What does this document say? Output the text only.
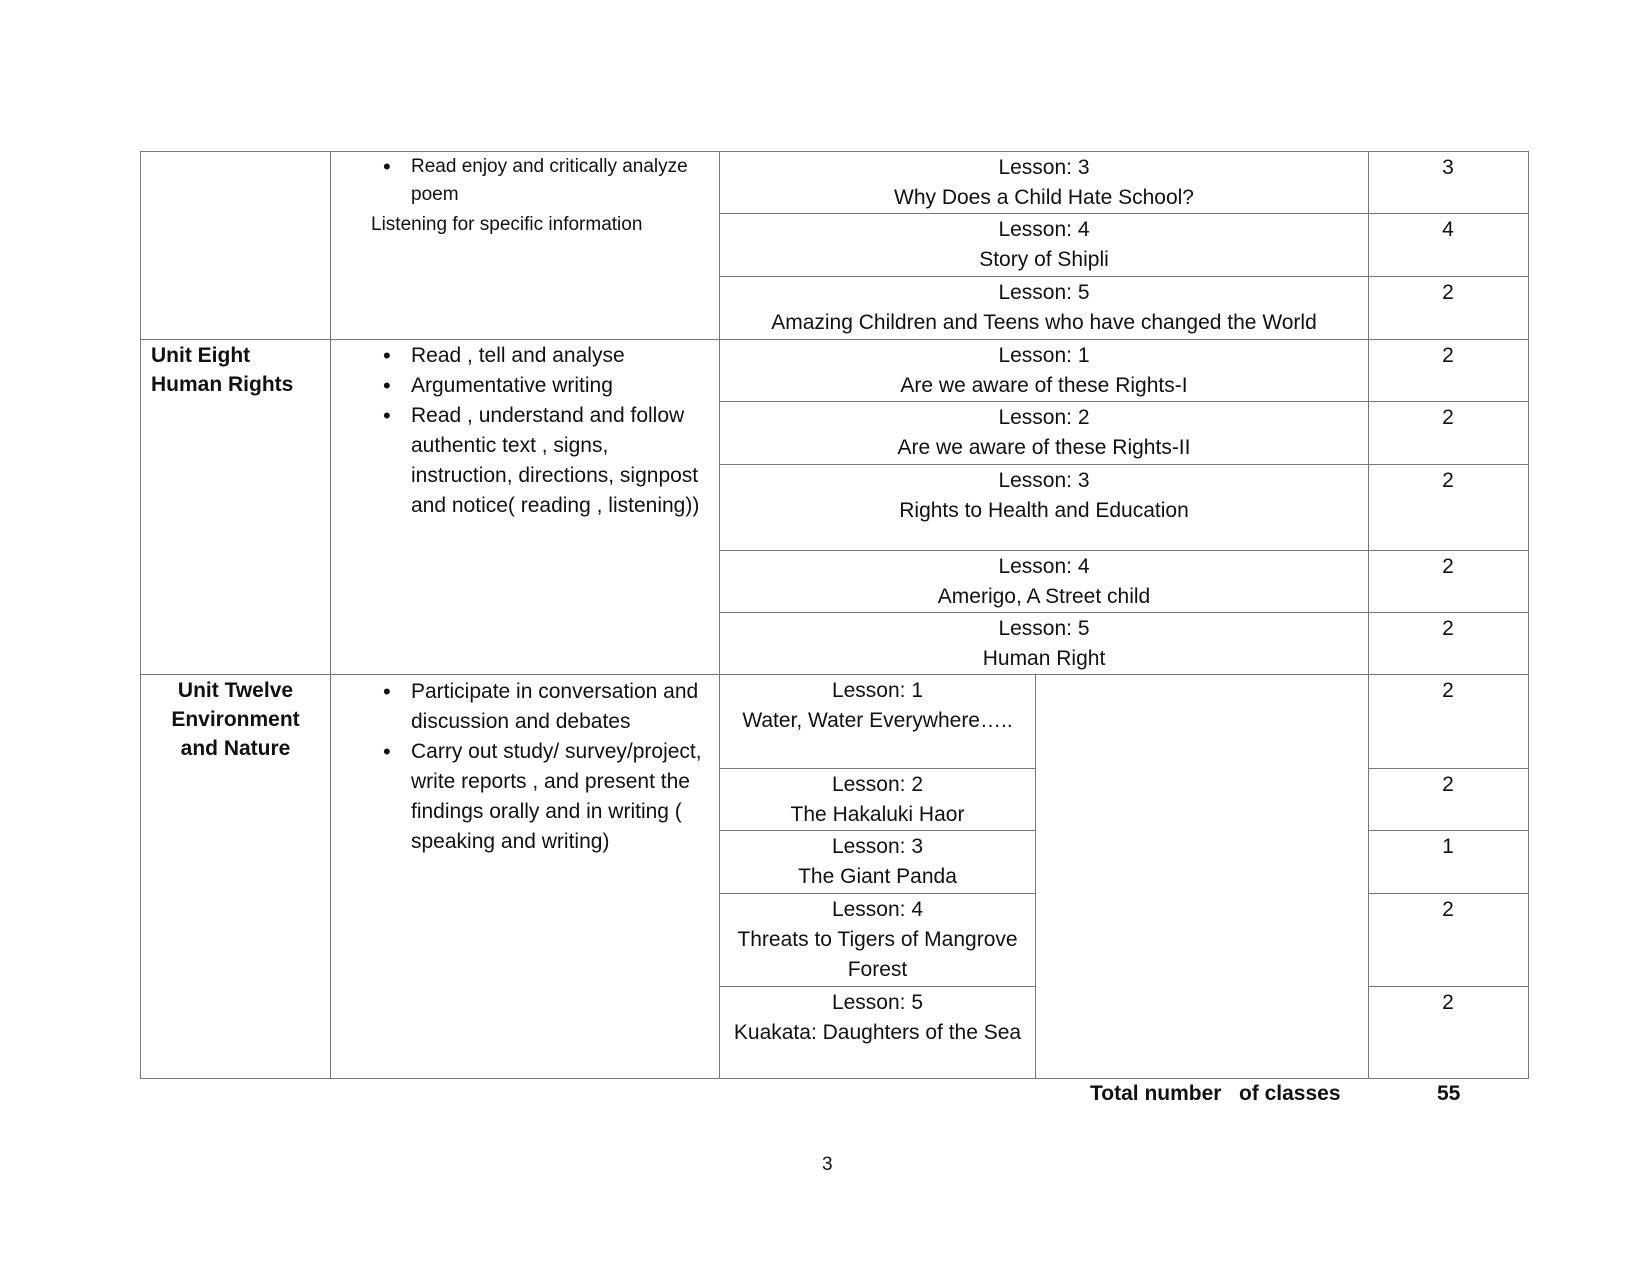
• Read enjoy and critically analyze poem
Listening for specific information
Lesson: 3
Why Does a Child Hate School?
3
Lesson: 4
Story of Shipli
4
Lesson: 5
Amazing Children and Teens who have changed the World
2
Unit Eight
Human Rights
• Read , tell and analyse
• Argumentative writing
• Read , understand and follow authentic text , signs, instruction, directions, signpost and notice( reading , listening))
Lesson: 1
Are we aware of these Rights-I
2
Lesson: 2
Are we aware of these Rights-II
2
Lesson: 3
Rights to Health and Education
2
Lesson: 4
Amerigo, A Street child
2
Lesson: 5
Human Right
2
Unit Twelve
Environment
and Nature
• Participate in conversation and discussion and debates
• Carry out study/ survey/project, write reports , and present the findings orally and in writing ( speaking and writing)
Lesson: 1
Water, Water Everywhere…..
2
Lesson: 2
The Hakaluki Haor
2
Lesson: 3
The Giant Panda
1
Lesson: 4
Threats to Tigers of Mangrove Forest
2
Lesson: 5
Kuakata: Daughters of the Sea
2
Total number   of classes	55
3
